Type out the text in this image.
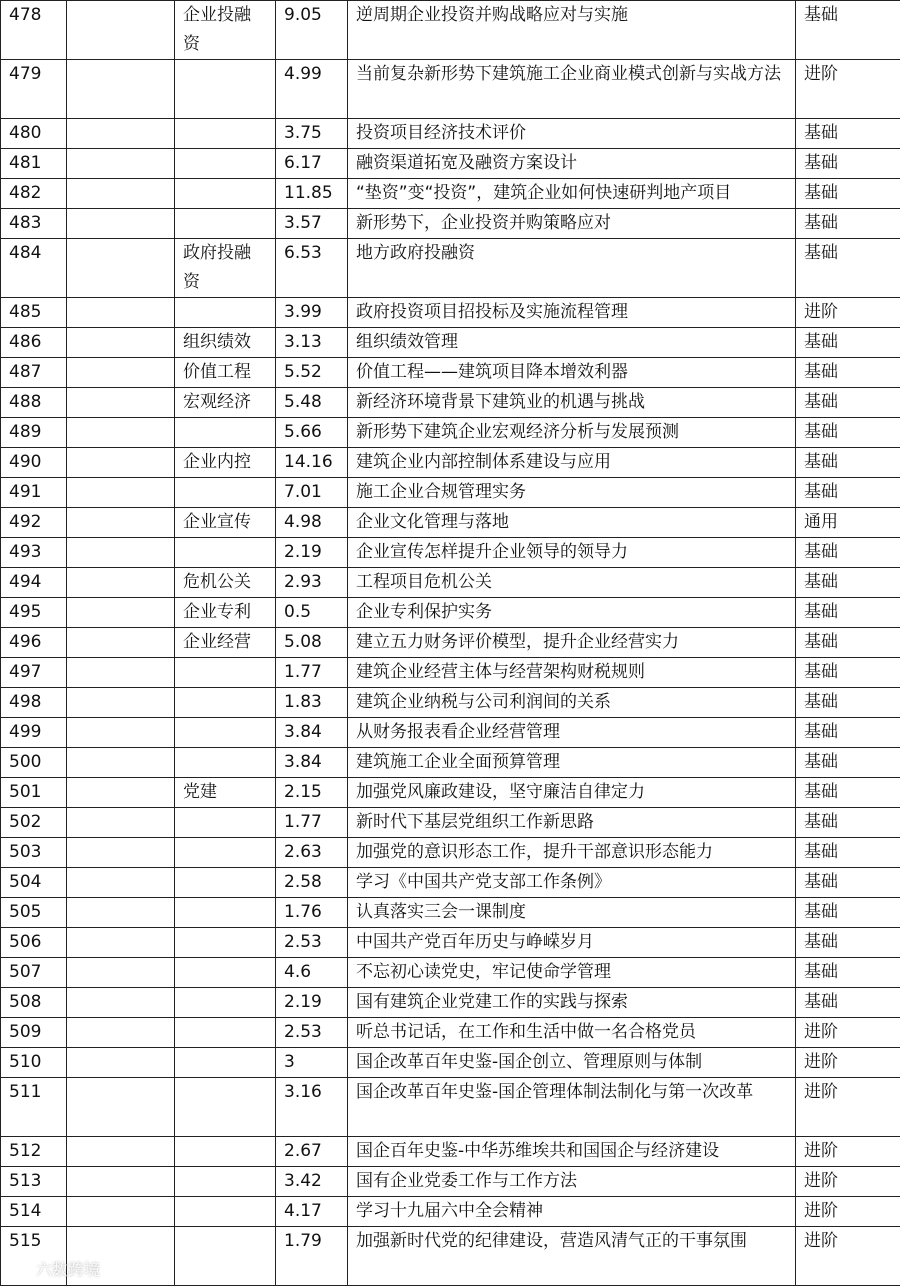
478		企业投融资	9.05	逆周期企业投资并购战略应对与实施	基础
479			4.99	当前复杂新形势下建筑施工企业商业模式创新与实战方法	进阶
480			3.75	投资项目经济技术评价	基础
481			6.17	融资渠道拓宽及融资方案设计	基础
482			11.85	“垫资”变“投资”，建筑企业如何快速研判地产项目	基础
483			3.57	新形势下，企业投资并购策略应对	基础
484		政府投融资	6.53	地方政府投融资	基础
485			3.99	政府投资项目招投标及实施流程管理	进阶
486		组织绩效	3.13	组织绩效管理	基础
487		价值工程	5.52	价值工程——建筑项目降本增效利器	基础
488		宏观经济	5.48	新经济环境背景下建筑业的机遇与挑战	基础
489			5.66	新形势下建筑企业宏观经济分析与发展预测	基础
490		企业内控	14.16	建筑企业内部控制体系建设与应用	基础
491			7.01	施工企业合规管理实务	基础
492		企业宣传	4.98	企业文化管理与落地	通用
493			2.19	企业宣传怎样提升企业领导的领导力	基础
494		危机公关	2.93	工程项目危机公关	基础
495		企业专利	0.5	企业专利保护实务	基础
496		企业经营	5.08	建立五力财务评价模型，提升企业经营实力	基础
497			1.77	建筑企业经营主体与经营架构财税规则	基础
498			1.83	建筑企业纳税与公司利润间的关系	基础
499			3.84	从财务报表看企业经营管理	基础
500			3.84	建筑施工企业全面预算管理	基础
501		党建	2.15	加强党风廉政建设，坚守廉洁自律定力	基础
502			1.77	新时代下基层党组织工作新思路	基础
503			2.63	加强党的意识形态工作，提升干部意识形态能力	基础
504			2.58	学习《中国共产党支部工作条例》	基础
505			1.76	认真落实三会一课制度	基础
506			2.53	中国共产党百年历史与峥嵘岁月	基础
507			4.6	不忘初心读党史，牢记使命学管理	基础
508			2.19	国有建筑企业党建工作的实践与探索	基础
509			2.53	听总书记话，在工作和生活中做一名合格党员	进阶
510			3	国企改革百年史鉴-国企创立、管理原则与体制	进阶
511			3.16	国企改革百年史鉴-国企管理体制法制化与第一次改革	进阶
512			2.67	国企百年史鉴-中华苏维埃共和国国企与经济建设	进阶
513			3.42	国有企业党委工作与工作方法	进阶
514			4.17	学习十九届六中全会精神	进阶
515			1.79	加强新时代党的纪律建设，营造风清气正的干事氛围	进阶
六数跨境
